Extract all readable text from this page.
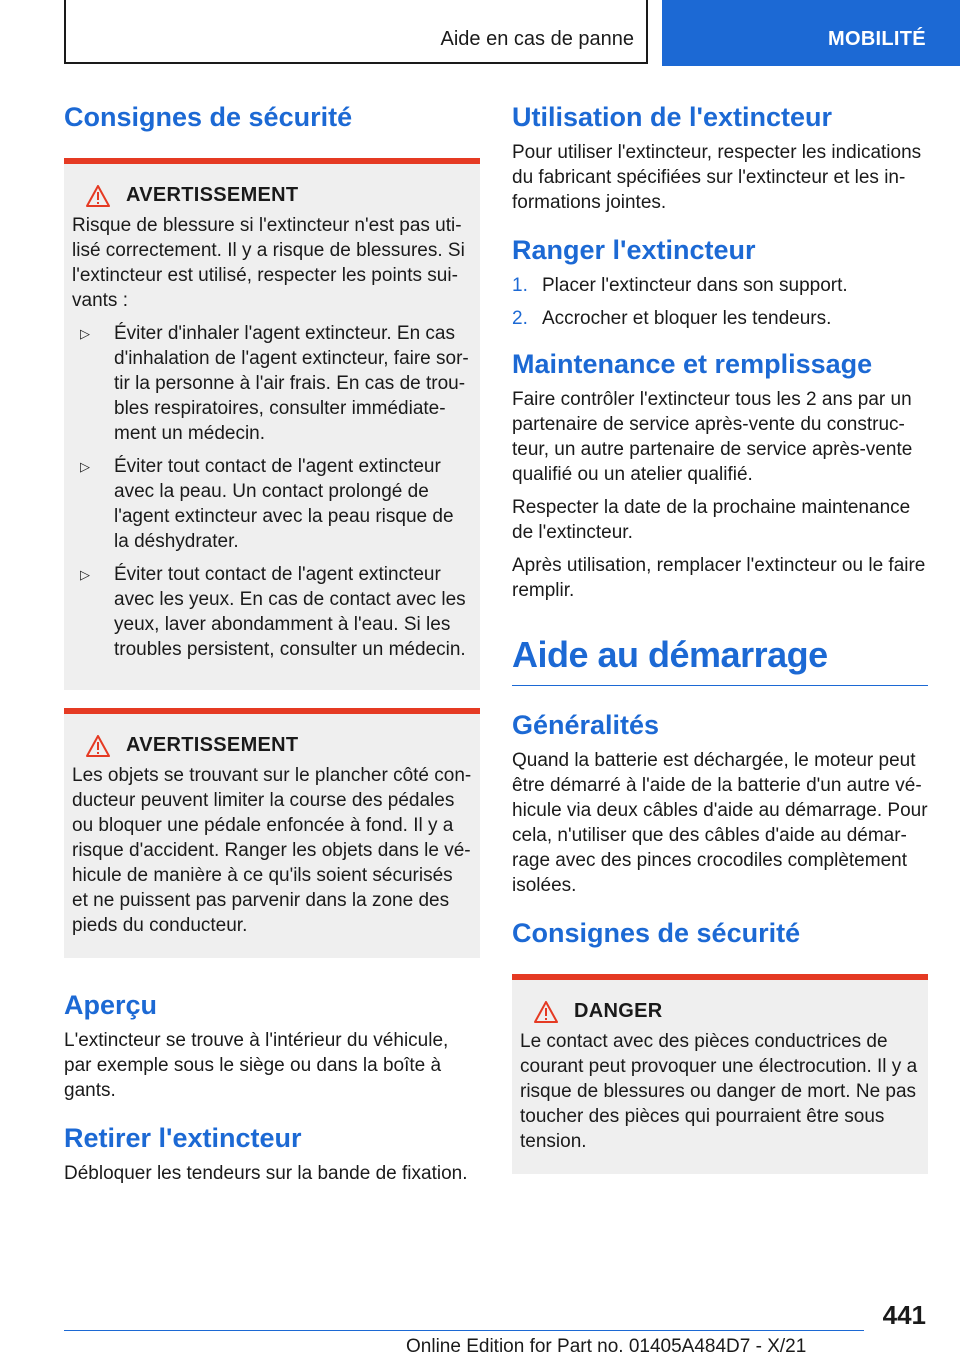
Aide en cas de panne	MOBILITÉ
Consignes de sécurité
AVERTISSEMENT

Risque de blessure si l'extincteur n'est pas uti-lisé correctement. Il y a risque de blessures. Si l'extincteur est utilisé, respecter les points sui-vants :

▷	Éviter d'inhaler l'agent extincteur. En cas d'inhalation de l'agent extincteur, faire sor-tir la personne à l'air frais. En cas de trou-bles respiratoires, consulter immédiate-ment un médecin.

▷	Éviter tout contact de l'agent extincteur avec la peau. Un contact prolongé de l'agent extincteur avec la peau risque de la déshydrater.

▷	Éviter tout contact de l'agent extincteur avec les yeux. En cas de contact avec les yeux, laver abondamment à l'eau. Si les troubles persistent, consulter un médecin.

AVERTISSEMENT

Les objets se trouvant sur le plancher côté con-ducteur peuvent limiter la course des pédales ou bloquer une pédale enfoncée à fond. Il y a risque d'accident. Ranger les objets dans le vé-hicule de manière à ce qu'ils soient sécurisés et ne puissent pas parvenir dans la zone des pieds du conducteur.

Aperçu

L'extincteur se trouve à l'intérieur du véhicule, par exemple sous le siège ou dans la boîte à gants.

Retirer l'extincteur

Débloquer les tendeurs sur la bande de fixation.

Utilisation de l'extincteur

Pour utiliser l'extincteur, respecter les indications du fabricant spécifiées sur l'extincteur et les in-formations jointes.

Ranger l'extincteur
1. Placer l'extincteur dans son support.

2. Accrocher et bloquer les tendeurs.

Maintenance et remplissage

Faire contrôler l'extincteur tous les 2 ans par un partenaire de service après-vente du construc-teur, un autre partenaire de service après-vente qualifié ou un atelier qualifié.

Respecter la date de la prochaine maintenance de l'extincteur.

Après utilisation, remplacer l'extincteur ou le faire remplir.

Aide au démarrage
Généralités

Quand la batterie est déchargée, le moteur peut être démarré à l'aide de la batterie d'un autre vé-hicule via deux câbles d'aide au démarrage. Pour cela, n'utiliser que des câbles d'aide au démar-rage avec des pinces crocodiles complètement isolées.

Consignes de sécurité
DANGER

Le contact avec des pièces conductrices de courant peut provoquer une électrocution. Il y a risque de blessures ou danger de mort. Ne pas toucher des pièces qui pourraient être sous tension.

441
Online Edition for Part no. 01405A484D7 - X/21
